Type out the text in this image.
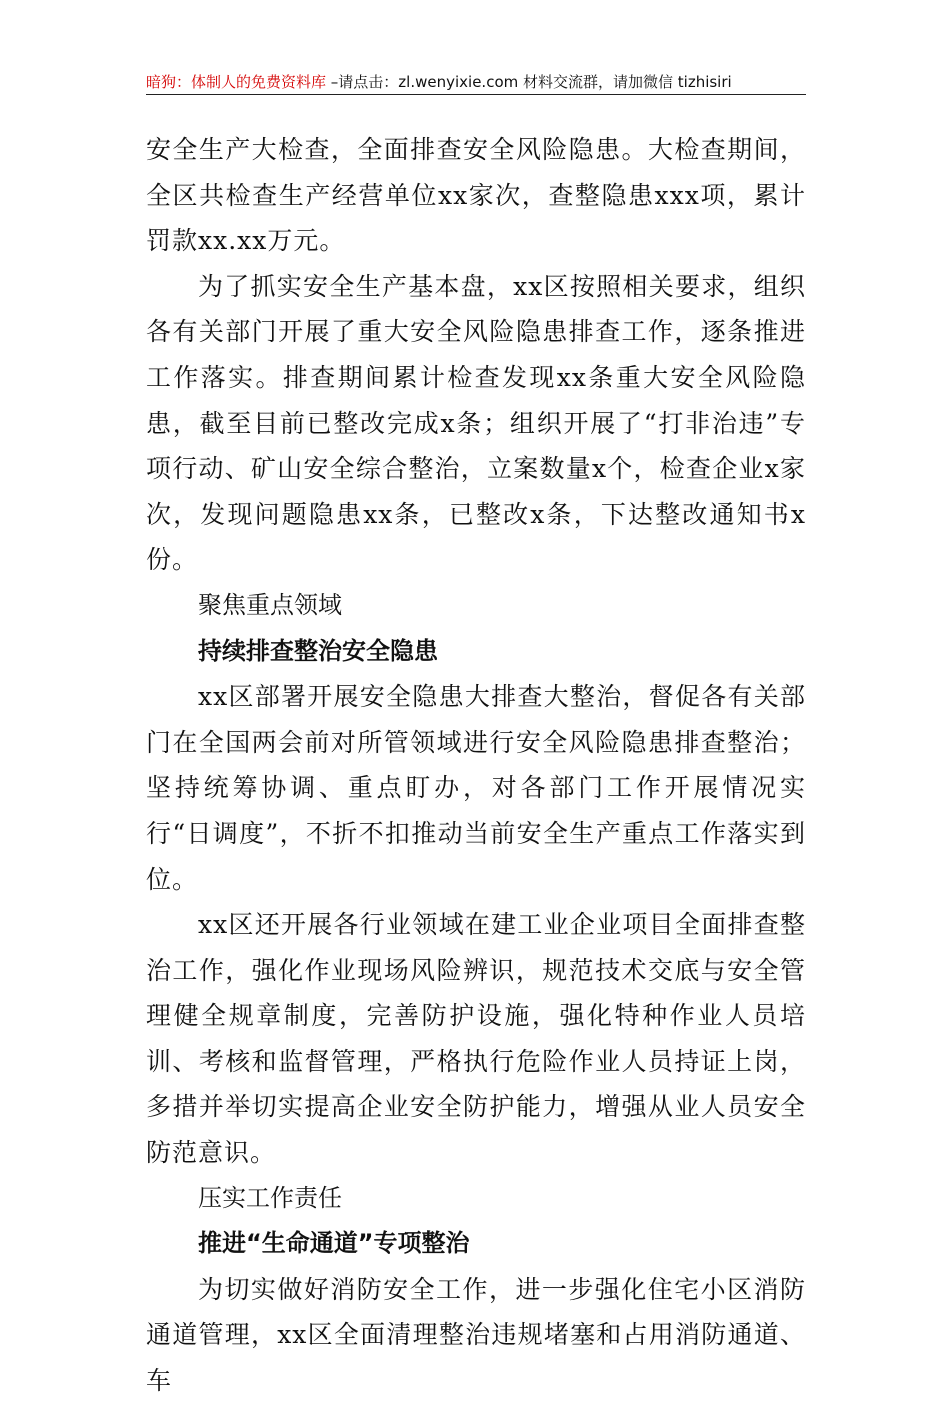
暗狗：体制人的免费资料库 –请点击：zl.wenyixie.com 材料交流群，请加微信 tizhisiri

安全生产大检查，全面排查安全风险隐患。大检查期间，全区共检查生产经营单位xx家次，查整隐患xxx项，累计罚款xx.xx万元。

为了抓实安全生产基本盘，xx区按照相关要求，组织各有关部门开展了重大安全风险隐患排查工作，逐条推进工作落实。排查期间累计检查发现xx条重大安全风险隐患，截至目前已整改完成x条；组织开展了“打非治违”专项行动、矿山安全综合整治，立案数量x个，检查企业x家次，发现问题隐患xx条，已整改x条，下达整改通知书x份。

聚焦重点领域

持续排查整治安全隐患

xx区部署开展安全隐患大排查大整治，督促各有关部门在全国两会前对所管领域进行安全风险隐患排查整治；坚持统筹协调、重点盯办，对各部门工作开展情况实行“日调度”，不折不扣推动当前安全生产重点工作落实到位。

xx区还开展各行业领域在建工业企业项目全面排查整治工作，强化作业现场风险辨识，规范技术交底与安全管理健全规章制度，完善防护设施，强化特种作业人员培训、考核和监督管理，严格执行危险作业人员持证上岗，多措并举切实提高企业安全防护能力，增强从业人员安全防范意识。

压实工作责任

推进“生命通道”专项整治

为切实做好消防安全工作，进一步强化住宅小区消防通道管理，xx区全面清理整治违规堵塞和占用消防通道、车
